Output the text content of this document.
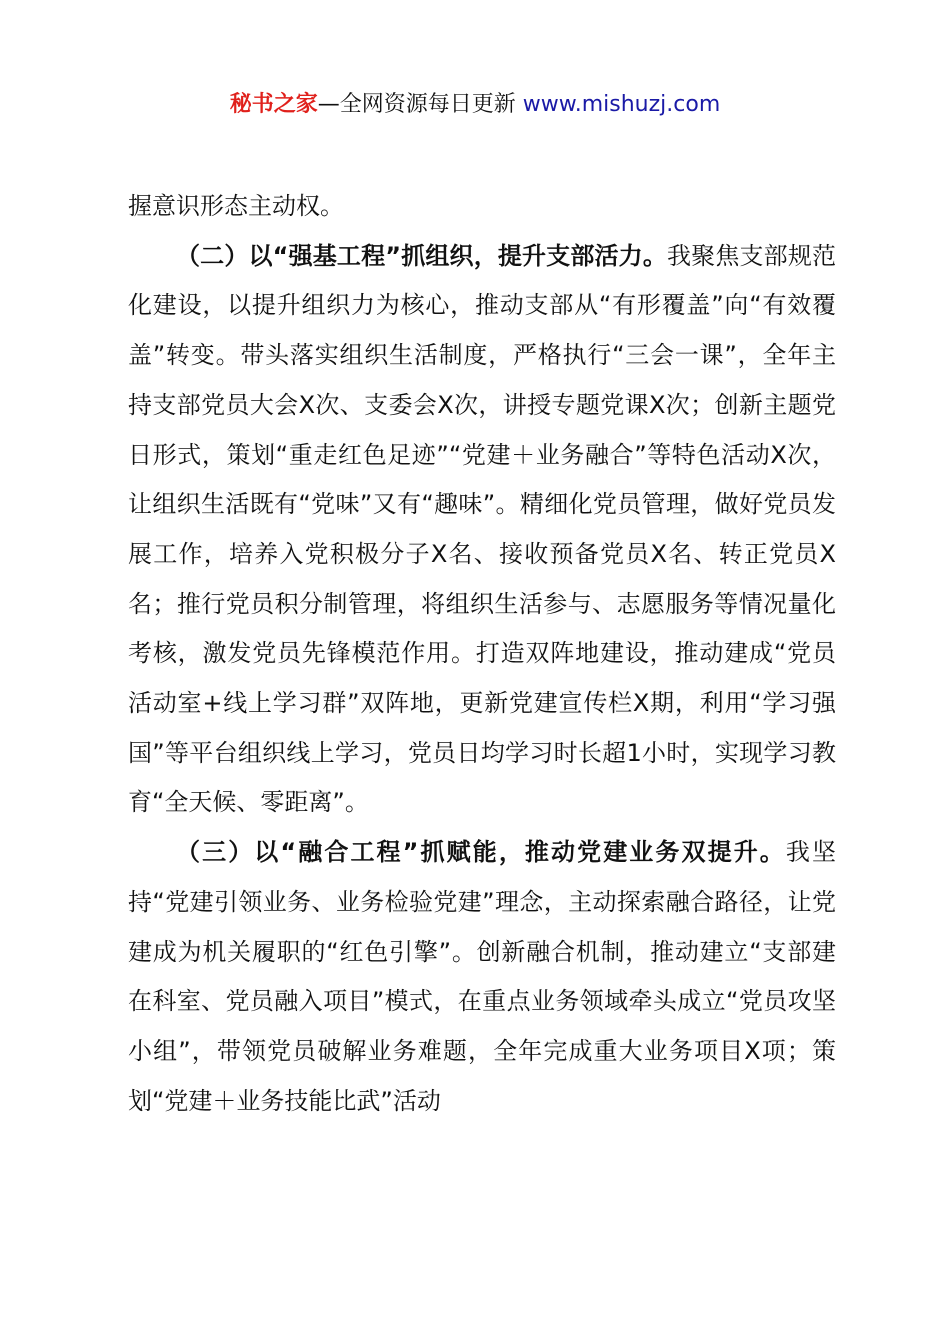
秘书之家—全网资源每日更新 www.mishuzj.com

握意识形态主动权。

（二）以“强基工程”抓组织，提升支部活力。我聚焦支部规范化建设，以提升组织力为核心，推动支部从“有形覆盖”向“有效覆盖”转变。带头落实组织生活制度，严格执行“三会一课”，全年主持支部党员大会X次、支委会X次，讲授专题党课X次；创新主题党日形式，策划“重走红色足迹”“党建＋业务融合”等特色活动X次，让组织生活既有“党味”又有“趣味”。精细化党员管理，做好党员发展工作，培养入党积极分子X名、接收预备党员X名、转正党员X名；推行党员积分制管理，将组织生活参与、志愿服务等情况量化考核，激发党员先锋模范作用。打造双阵地建设，推动建成“党员活动室+线上学习群”双阵地，更新党建宣传栏X期，利用“学习强国”等平台组织线上学习，党员日均学习时长超1小时，实现学习教育“全天候、零距离”。

（三）以“融合工程”抓赋能，推动党建业务双提升。我坚持“党建引领业务、业务检验党建”理念，主动探索融合路径，让党建成为机关履职的“红色引擎”。创新融合机制，推动建立“支部建在科室、党员融入项目”模式，在重点业务领域牵头成立“党员攻坚小组”，带领党员破解业务难题，全年完成重大业务项目X项；策划“党建＋业务技能比武”活动
